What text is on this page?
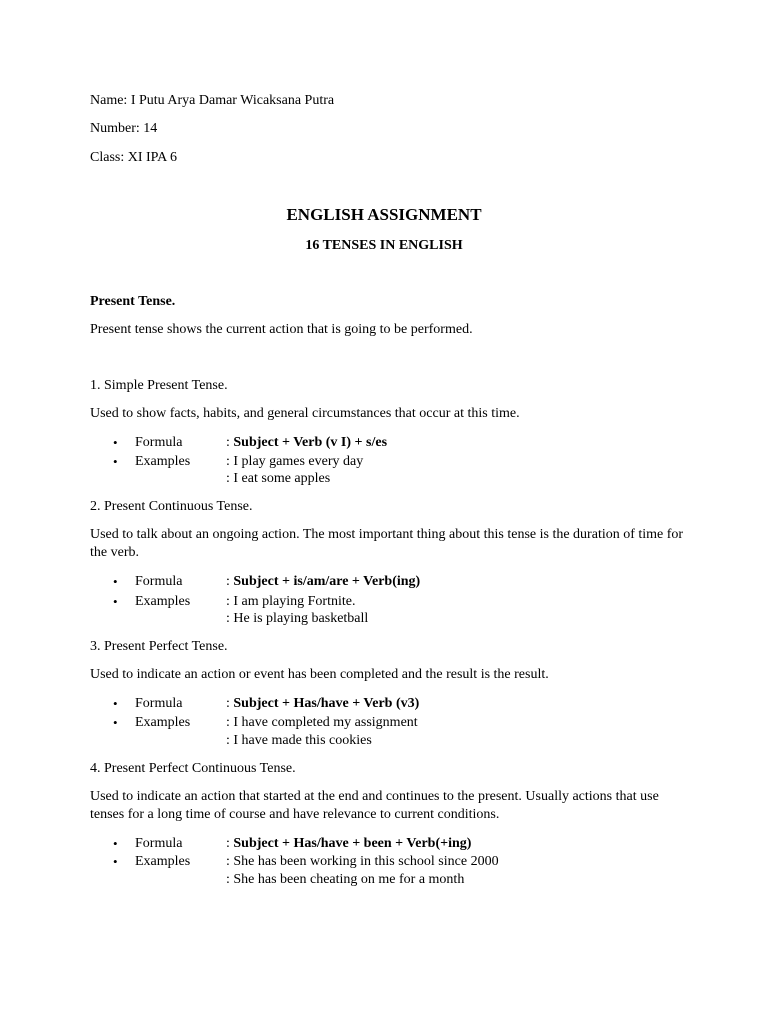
Name: I Putu Arya Damar Wicaksana Putra
Number: 14
Class: XI IPA 6
ENGLISH ASSIGNMENT
16 TENSES IN ENGLISH
Present Tense.
Present tense shows the current action that is going to be performed.
1. Simple Present Tense.
Used to show facts, habits, and general circumstances that occur at this time.
• Formula	: Subject + Verb (v I) + s/es
• Examples	: I play games every day
: I eat some apples
2. Present Continuous Tense.
Used to talk about an ongoing action. The most important thing about this tense is the duration of time for the verb.
• Formula	: Subject + is/am/are + Verb(ing)
• Examples	: I am playing Fortnite.
: He is playing basketball
3. Present Perfect Tense.
Used to indicate an action or event has been completed and the result is the result.
• Formula	: Subject + Has/have + Verb (v3)
• Examples	: I have completed my assignment
: I have made this cookies
4. Present Perfect Continuous Tense.
Used to indicate an action that started at the end and continues to the present. Usually actions that use tenses for a long time of course and have relevance to current conditions.
• Formula	: Subject + Has/have + been + Verb(+ing)
• Examples	: She has been working in this school since 2000
: She has been cheating on me for a month
